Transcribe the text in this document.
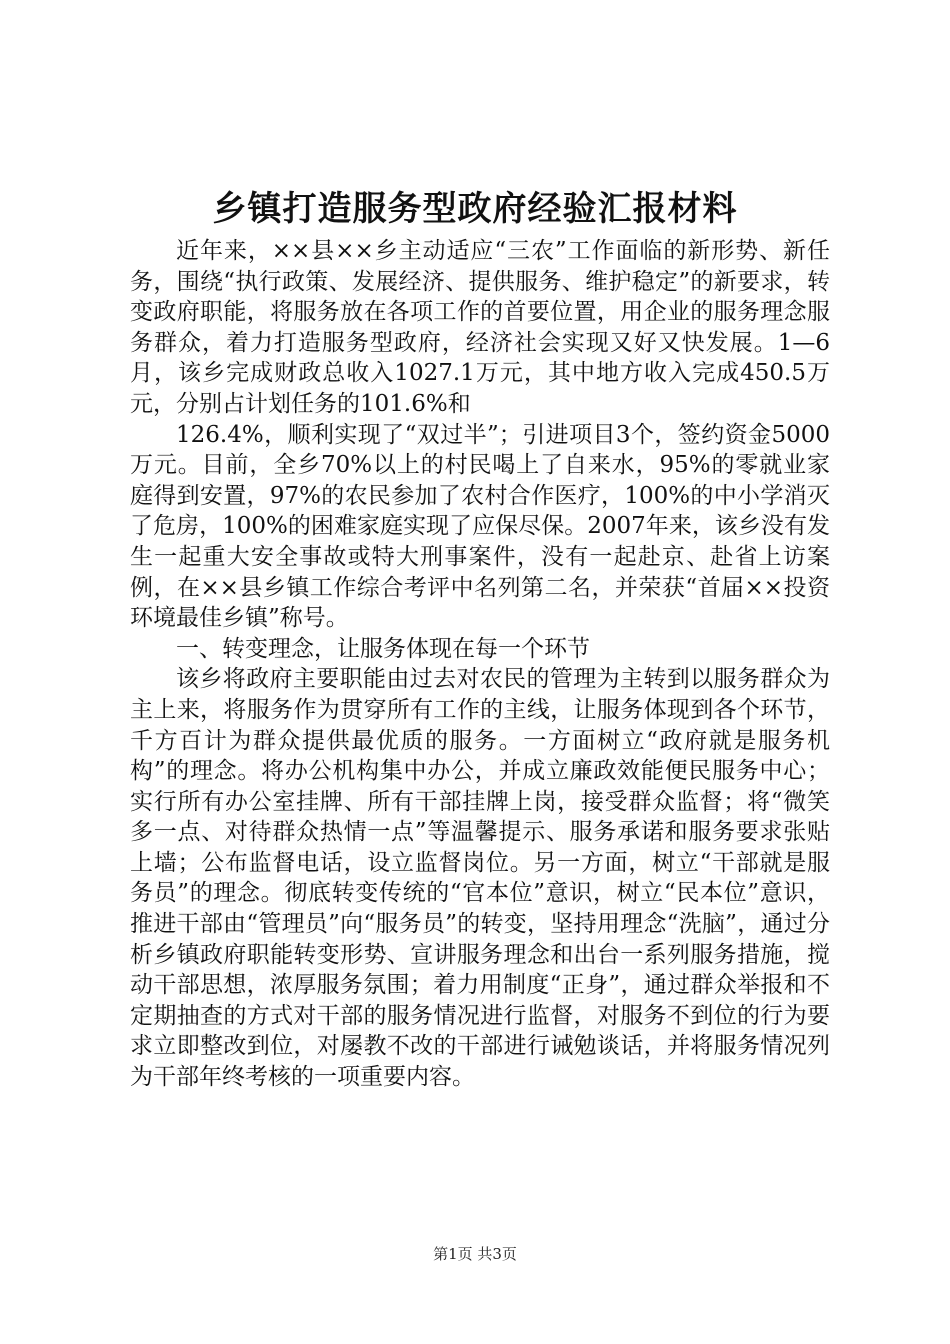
乡镇打造服务型政府经验汇报材料

近年来，××县××乡主动适应“三农”工作面临的新形势、新任务，围绕“执行政策、发展经济、提供服务、维护稳定”的新要求，转变政府职能，将服务放在各项工作的首要位置，用企业的服务理念服务群众，着力打造服务型政府，经济社会实现又好又快发展。1—6月，该乡完成财政总收入1027.1万元，其中地方收入完成450.5万元，分别占计划任务的101.6%和

126.4%，顺利实现了“双过半”；引进项目3个，签约资金5000万元。目前，全乡70%以上的村民喝上了自来水，95%的零就业家庭得到安置，97%的农民参加了农村合作医疗，100%的中小学消灭了危房，100%的困难家庭实现了应保尽保。2007年来，该乡没有发生一起重大安全事故或特大刑事案件，没有一起赴京、赴省上访案例，在××县乡镇工作综合考评中名列第二名，并荣获“首届××投资环境最佳乡镇”称号。

一、转变理念，让服务体现在每一个环节

该乡将政府主要职能由过去对农民的管理为主转到以服务群众为主上来，将服务作为贯穿所有工作的主线，让服务体现到各个环节，千方百计为群众提供最优质的服务。一方面树立“政府就是服务机构”的理念。将办公机构集中办公，并成立廉政效能便民服务中心；实行所有办公室挂牌、所有干部挂牌上岗，接受群众监督；将“微笑多一点、对待群众热情一点”等温馨提示、服务承诺和服务要求张贴上墙；公布监督电话，设立监督岗位。另一方面，树立“干部就是服务员”的理念。彻底转变传统的“官本位”意识，树立“民本位”意识，推进干部由“管理员”向“服务员”的转变，坚持用理念“洗脑”，通过分析乡镇政府职能转变形势、宣讲服务理念和出台一系列服务措施，搅动干部思想，浓厚服务氛围；着力用制度“正身”，通过群众举报和不定期抽查的方式对干部的服务情况进行监督，对服务不到位的行为要求立即整改到位，对屡教不改的干部进行诫勉谈话，并将服务情况列为干部年终考核的一项重要内容。

第1页 共3页
